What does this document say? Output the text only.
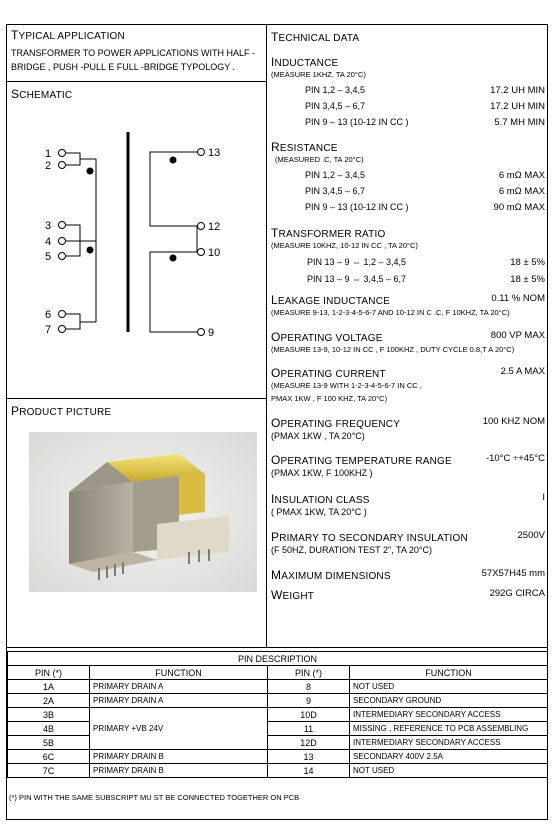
TYPICAL APPLICATION
TRANSFORMER TO POWER APPLICATIONS WITH HALF -
BRIDGE , PUSH -PULL E FULL -BRIDGE TYPOLOGY .
SCHEMATIC
1
2
3
4
5
6
7
13
12
10
9
PRODUCT PICTURE
TECHNICAL DATA
INDUCTANCE
(MEASURE 1KHZ, TA 20°C)
PIN 1,2 – 3,4,5	17.2 UH MIN
PIN 3,4,5 – 6,7	17.2 UH MIN
PIN 9 – 13 (10-12 IN CC )	5.7 MH MIN
RESISTANCE
(MEASURED .C, TA 20°C)
PIN 1,2 – 3,4,5	6 mΩ MAX
PIN 3,4,5 – 6,7	6 mΩ MAX
PIN 9 – 13 (10-12 IN CC )	90 mΩ MAX
TRANSFORMER RATIO
(MEASURE 10KHZ, 10-12 IN CC , TA 20°C)
PIN 13 – 9 ⇔ 1,2 – 3,4,5	18 ± 5%
PIN 13 – 9 ⇔ 3,4,5 – 6,7	18 ± 5%
LEAKAGE INDUCTANCE	0.11 % NOM
(MEASURE 9-13, 1-2-3-4-5-6-7 AND 10-12 IN C .C, F 10KHZ, TA 20°C)
OPERATING VOLTAGE	800 VP MAX
(MEASURE 13-9, 10-12 IN CC , F 100KHZ , DUTY CYCLE 0.8,T A 20°C)
OPERATING CURRENT	2.5 A MAX
(MEASURE 13-9 WITH 1-2-3-4-5-6-7 IN CC ,
PMAX 1KW , F 100 KHZ, TA 20°C)
OPERATING FREQUENCY	100 KHZ NOM
(PMAX 1KW , TA 20°C)
OPERATING TEMPERATURE RANGE	-10°C ÷+45°C
(PMAX 1KW, F 100KHZ )
INSULATION CLASS	I
( PMAX 1KW, TA 20°C )
PRIMARY TO SECONDARY INSULATION	2500V
(F 50HZ, DURATION TEST 2", TA 20°C)
MAXIMUM DIMENSIONS	57X57H45 mm
WEIGHT	292G CIRCA
PIN DESCRIPTION			
PIN (*)	FUNCTION	PIN (*)	FUNCTION
1A	PRIMARY DRAIN A	8	NOT USED
2A	PRIMARY DRAIN A	9	SECONDARY GROUND
3B	PRIMARY +VB 24V	10D	INTERMEDIARY SECONDARY ACCESS
4B		11	MISSING , REFERENCE TO PCB ASSEMBLING
5B		12D	INTERMEDIARY SECONDARY ACCESS
6C	PRIMARY DRAIN B	13	SECONDARY 400V 2.5A
7C	PRIMARY DRAIN B	14	NOT USED
(*) PIN WITH THE SAME SUBSCRIPT MU ST BE CONNECTED TOGETHER ON PCB
